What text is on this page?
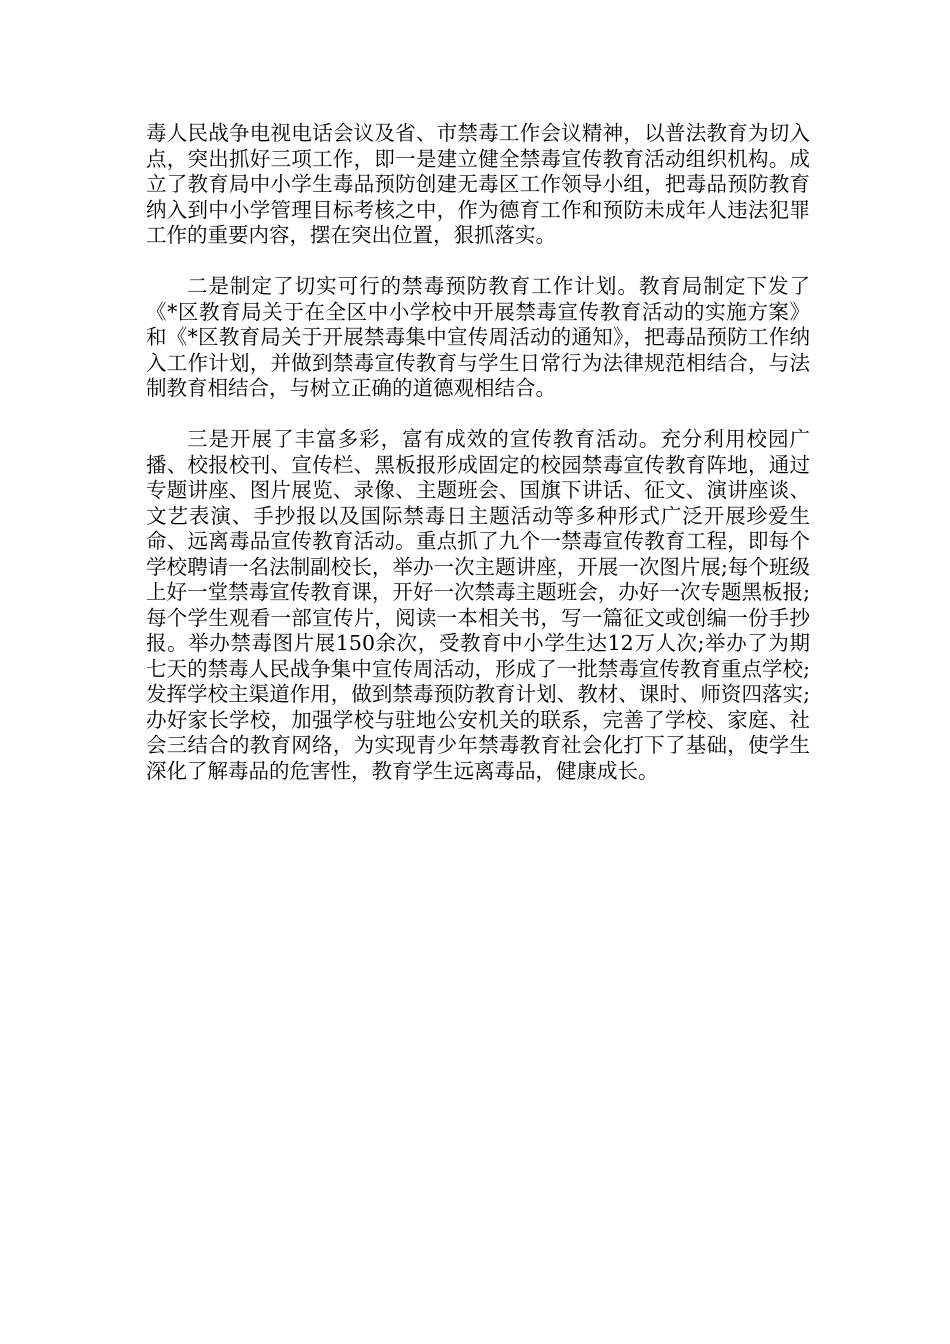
毒人民战争电视电话会议及省、市禁毒工作会议精神，以普法教育为切入点，突出抓好三项工作，即一是建立健全禁毒宣传教育活动组织机构。成立了教育局中小学生毒品预防创建无毒区工作领导小组，把毒品预防教育纳入到中小学管理目标考核之中，作为德育工作和预防未成年人违法犯罪工作的重要内容，摆在突出位置，狠抓落实。

二是制定了切实可行的禁毒预防教育工作计划。教育局制定下发了《*区教育局关于在全区中小学校中开展禁毒宣传教育活动的实施方案》和《*区教育局关于开展禁毒集中宣传周活动的通知》，把毒品预防工作纳入工作计划，并做到禁毒宣传教育与学生日常行为法律规范相结合，与法制教育相结合，与树立正确的道德观相结合。

三是开展了丰富多彩，富有成效的宣传教育活动。充分利用校园广播、校报校刊、宣传栏、黑板报形成固定的校园禁毒宣传教育阵地，通过专题讲座、图片展览、录像、主题班会、国旗下讲话、征文、演讲座谈、文艺表演、手抄报以及国际禁毒日主题活动等多种形式广泛开展珍爱生命、远离毒品宣传教育活动。重点抓了九个一禁毒宣传教育工程，即每个学校聘请一名法制副校长，举办一次主题讲座，开展一次图片展;每个班级上好一堂禁毒宣传教育课，开好一次禁毒主题班会，办好一次专题黑板报;每个学生观看一部宣传片，阅读一本相关书，写一篇征文或创编一份手抄报。举办禁毒图片展150余次，受教育中小学生达12万人次;举办了为期七天的禁毒人民战争集中宣传周活动，形成了一批禁毒宣传教育重点学校;发挥学校主渠道作用，做到禁毒预防教育计划、教材、课时、师资四落实; 办好家长学校，加强学校与驻地公安机关的联系，完善了学校、家庭、社会三结合的教育网络，为实现青少年禁毒教育社会化打下了基础，使学生深化了解毒品的危害性，教育学生远离毒品，健康成长。
